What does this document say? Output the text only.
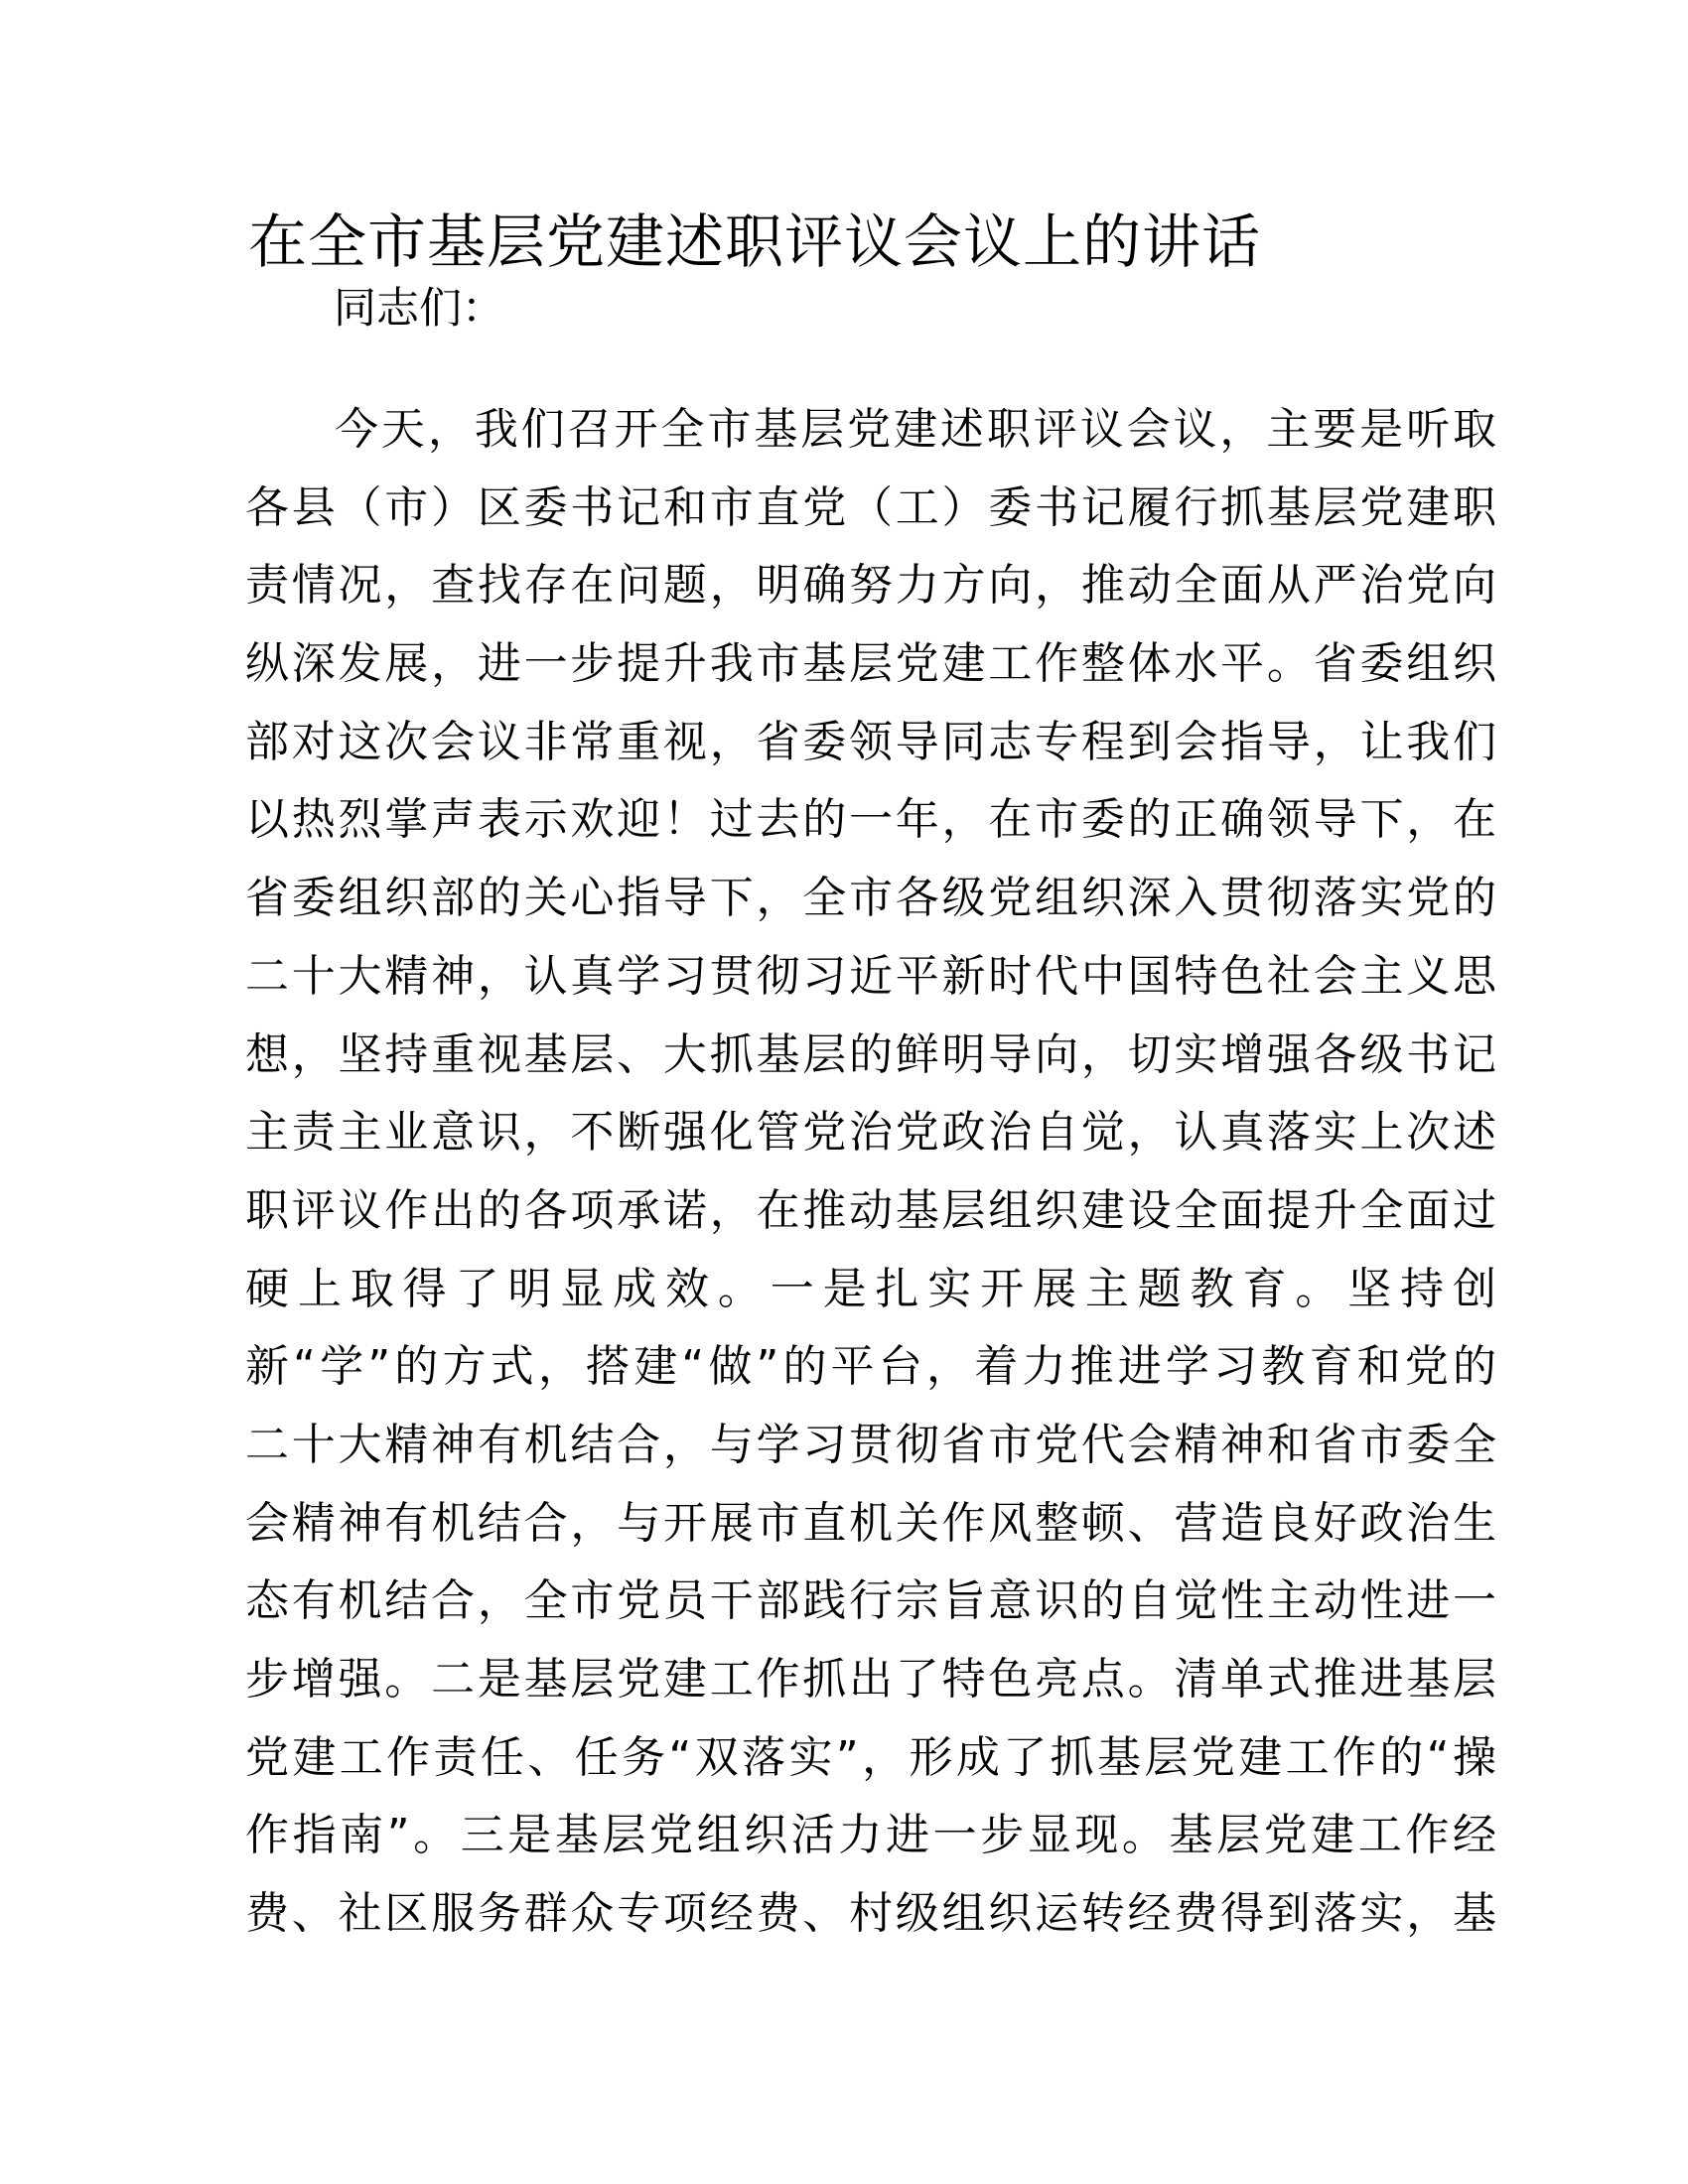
在全市基层党建述职评议会议上的讲话

同志们：

今天，我们召开全市基层党建述职评议会议，主要是听取
各县（市）区委书记和市直党（工）委书记履行抓基层党建职
责情况，查找存在问题，明确努力方向，推动全面从严治党向
纵深发展，进一步提升我市基层党建工作整体水平。省委组织
部对这次会议非常重视，省委领导同志专程到会指导，让我们
以热烈掌声表示欢迎！过去的一年，在市委的正确领导下，在
省委组织部的关心指导下，全市各级党组织深入贯彻落实党的
二十大精神，认真学习贯彻习近平新时代中国特色社会主义思
想，坚持重视基层、大抓基层的鲜明导向，切实增强各级书记
主责主业意识，不断强化管党治党政治自觉，认真落实上次述
职评议作出的各项承诺，在推动基层组织建设全面提升全面过
硬上取得了明显成效。一是扎实开展主题教育。坚持创
新“学”的方式，搭建“做”的平台，着力推进学习教育和党的
二十大精神有机结合，与学习贯彻省市党代会精神和省市委全
会精神有机结合，与开展市直机关作风整顿、营造良好政治生
态有机结合，全市党员干部践行宗旨意识的自觉性主动性进一
步增强。二是基层党建工作抓出了特色亮点。清单式推进基层
党建工作责任、任务“双落实”，形成了抓基层党建工作的“操
作指南”。三是基层党组织活力进一步显现。基层党建工作经
费、社区服务群众专项经费、村级组织运转经费得到落实，基
